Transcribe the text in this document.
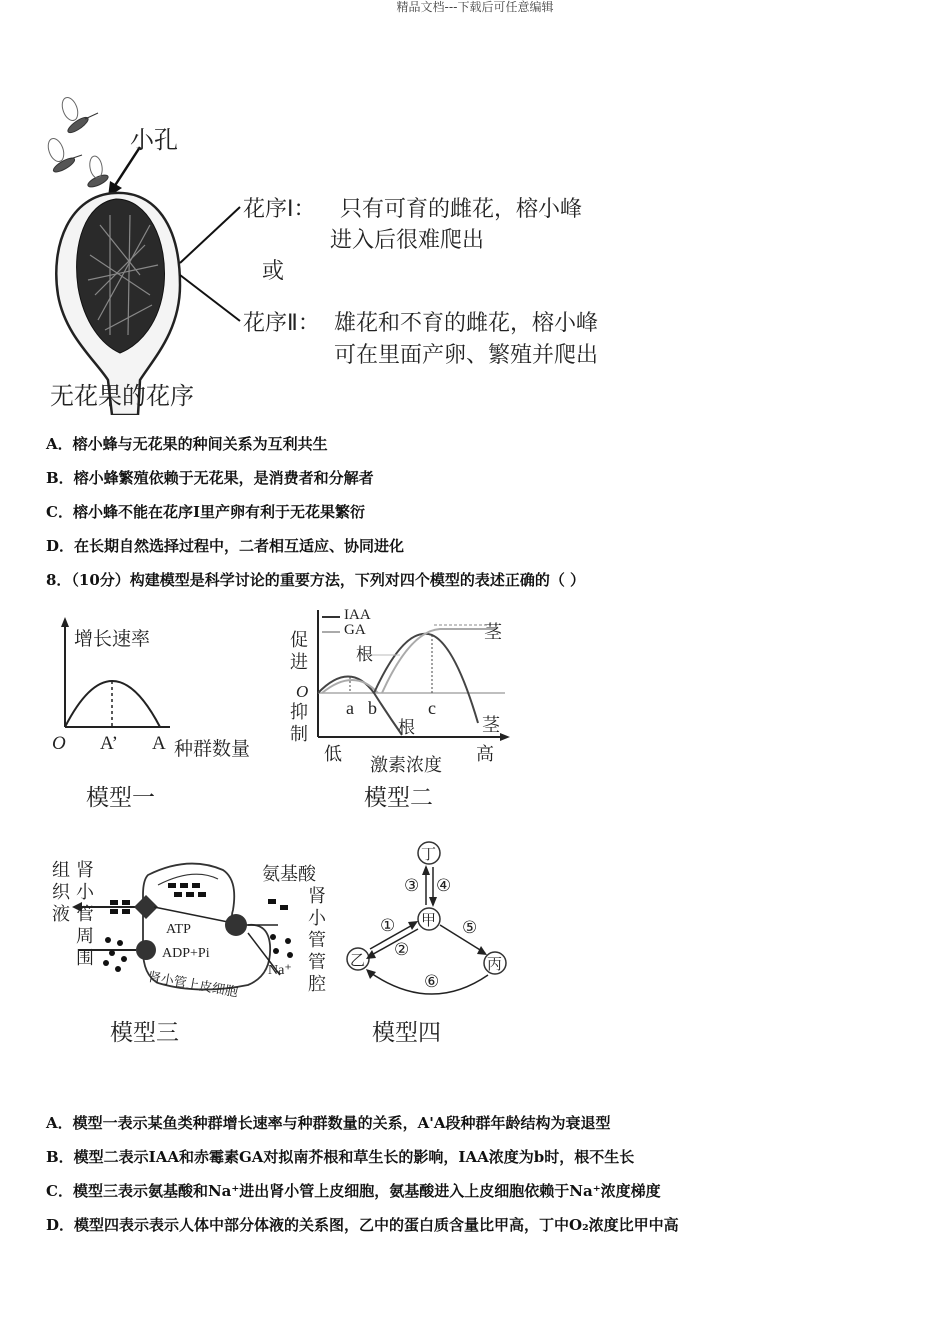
精品文档---下载后可任意编辑
小孔
花序Ⅰ： 只有可育的雌花，榕小峰
进入后很难爬出
或
花序Ⅱ： 雄花和不育的雌花，榕小峰
可在里面产卵、繁殖并爬出
无花果的花序
A．榕小蜂与无花果的种间关系为互利共生
B．榕小蜂繁殖依赖于无花果，是消费者和分解者
C．榕小蜂不能在花序Ⅰ里产卵有利于无花果繁衍
D．在长期自然选择过程中，二者相互适应、协同进化
8．（10分）构建模型是科学讨论的重要方法，下列对四个模型的表述正确的（ ）
增长速率
O A’ A 种群数量
模型一
IAA
GA
促进
O
抑制
根
茎
a b	c
根	茎
低	高
激素浓度
模型二
组织液
肾小管周围
氨基酸
肾小管管腔
ATP
ADP+Pi
Na⁺
肾小管上皮细胞
模型三
丁
甲
乙	丙
③ ④
①
②
⑤
⑥
模型四
A．模型一表示某鱼类种群增长速率与种群数量的关系，A'A段种群年龄结构为衰退型
B．模型二表示IAA和赤霉素GA对拟南芥根和草生长的影响，IAA浓度为b时，根不生长
C．模型三表示氨基酸和Na⁺进出肾小管上皮细胞，氨基酸进入上皮细胞依赖于Na⁺浓度梯度
D．模型四表示表示人体中部分体液的关系图，乙中的蛋白质含量比甲高，丁中O₂浓度比甲中高
